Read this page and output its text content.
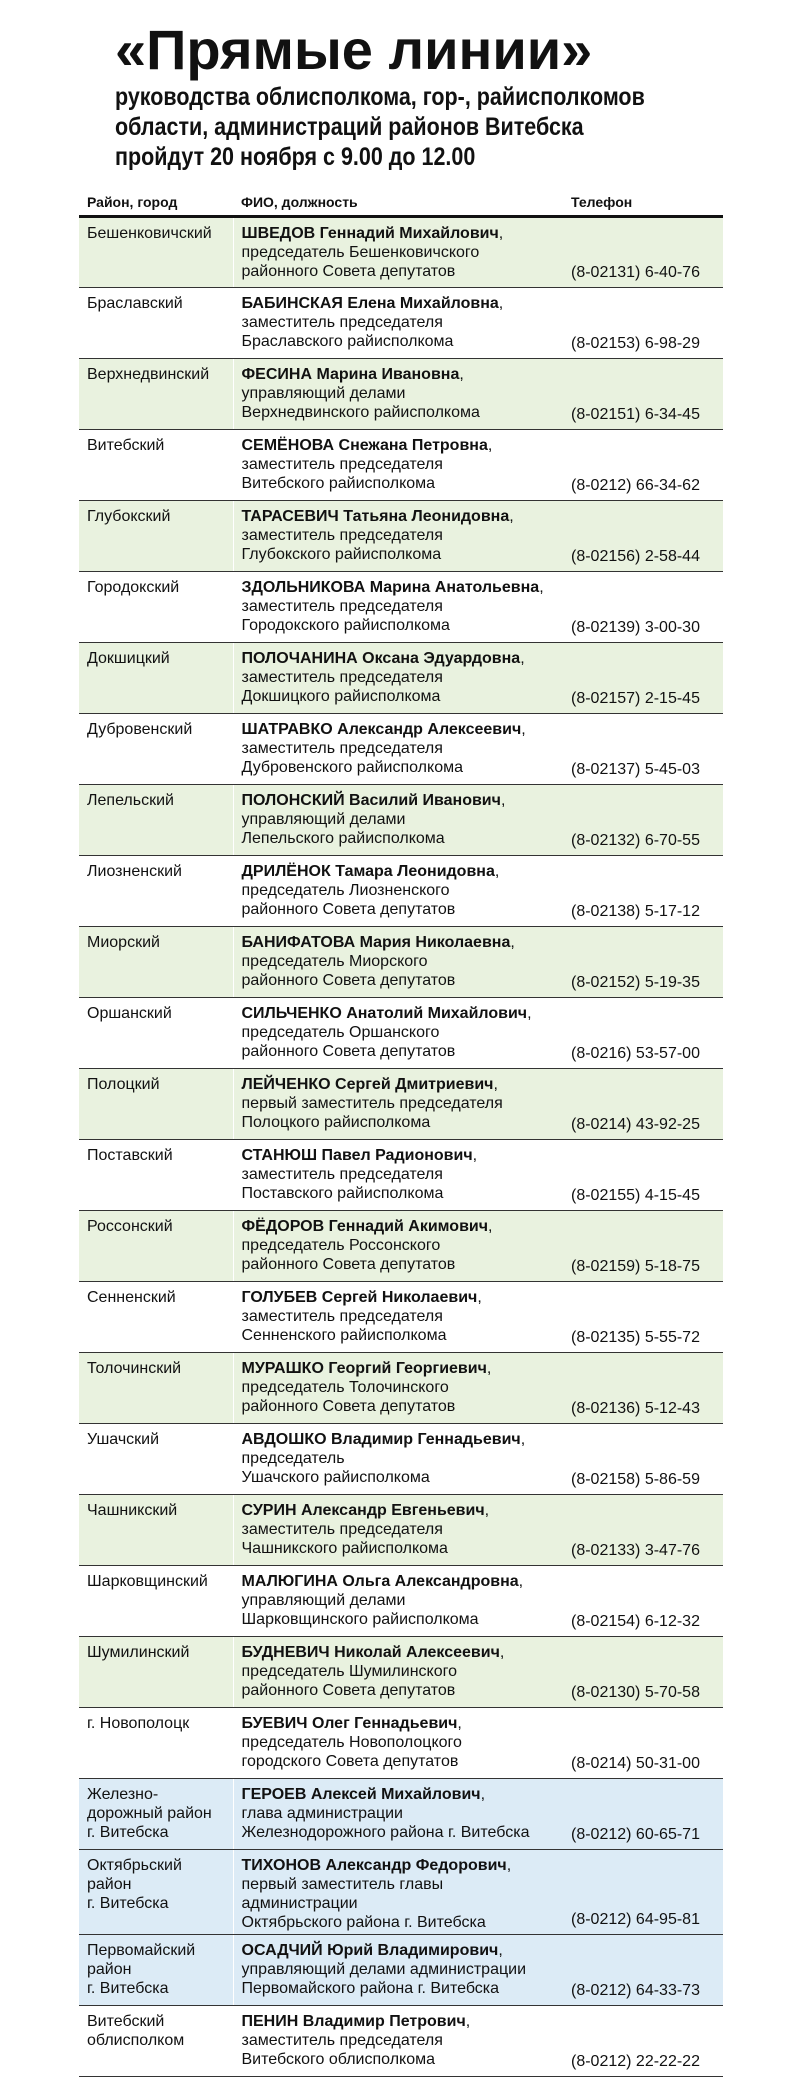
«Прямые линии»
руководства облисполкома, гор-, райисполкомов
области, администраций районов Витебска
пройдут 20 ноября с 9.00 до 12.00
Район, город	ФИО, должность	Телефон
Бешенковичский	ШВЕДОВ Геннадий Михайлович,
председатель Бешенковичского
районного Совета депутатов	(8-02131) 6-40-76
Браславский	БАБИНСКАЯ Елена Михайловна,
заместитель председателя
Браславского райисполкома	(8-02153) 6-98-29
Верхнедвинский	ФЕСИНА Марина Ивановна,
управляющий делами
Верхнедвинского райисполкома	(8-02151) 6-34-45
Витебский	СЕМЁНОВА Снежана Петровна,
заместитель председателя
Витебского райисполкома	(8-0212) 66-34-62
Глубокский	ТАРАСЕВИЧ Татьяна Леонидовна,
заместитель председателя
Глубокского райисполкома	(8-02156) 2-58-44
Городокский	ЗДОЛЬНИКОВА Марина Анатольевна,
заместитель председателя
Городокского райисполкома	(8-02139) 3-00-30
Докшицкий	ПОЛОЧАНИНА Оксана Эдуардовна,
заместитель председателя
Докшицкого райисполкома	(8-02157) 2-15-45
Дубровенский	ШАТРАВКО Александр Алексеевич,
заместитель председателя
Дубровенского райисполкома	(8-02137) 5-45-03
Лепельский	ПОЛОНСКИЙ Василий Иванович,
управляющий делами
Лепельского райисполкома	(8-02132) 6-70-55
Лиозненский	ДРИЛЁНОК Тамара Леонидовна,
председатель Лиозненского
районного Совета депутатов	(8-02138) 5-17-12
Миорский	БАНИФАТОВА Мария Николаевна,
председатель Миорского
районного Совета депутатов	(8-02152) 5-19-35
Оршанский	СИЛЬЧЕНКО Анатолий Михайлович,
председатель Оршанского
районного Совета депутатов	(8-0216) 53-57-00
Полоцкий	ЛЕЙЧЕНКО Сергей Дмитриевич,
первый заместитель председателя
Полоцкого райисполкома	(8-0214) 43-92-25
Поставский	СТАНЮШ Павел Радионович,
заместитель председателя
Поставского райисполкома	(8-02155) 4-15-45
Россонский	ФЁДОРОВ Геннадий Акимович,
председатель Россонского
районного Совета депутатов	(8-02159) 5-18-75
Сенненский	ГОЛУБЕВ Сергей Николаевич,
заместитель председателя
Сенненского райисполкома	(8-02135) 5-55-72
Толочинский	МУРАШКО Георгий Георгиевич,
председатель Толочинского
районного Совета депутатов	(8-02136) 5-12-43
Ушачский	АВДОШКО Владимир Геннадьевич,
председатель
Ушачского райисполкома	(8-02158) 5-86-59
Чашникский	СУРИН Александр Евгеньевич,
заместитель председателя
Чашникского райисполкома	(8-02133) 3-47-76
Шарковщинский	МАЛЮГИНА Ольга Александровна,
управляющий делами
Шарковщинского райисполкома	(8-02154) 6-12-32
Шумилинский	БУДНЕВИЧ Николай Алексеевич,
председатель Шумилинского
районного Совета депутатов	(8-02130) 5-70-58
г. Новополоцк	БУЕВИЧ Олег Геннадьевич,
председатель Новополоцкого
городского Совета депутатов	(8-0214) 50-31-00
Железно-
дорожный район
г. Витебска	ГЕРОЕВ Алексей Михайлович,
глава администрации
Железнодорожного района г. Витебска	(8-0212) 60-65-71
Октябрьский
район
г. Витебска	ТИХОНОВ Александр Федорович,
первый заместитель главы администрации
Октябрьского района г. Витебска	(8-0212) 64-95-81
Первомайский
район
г. Витебска	ОСАДЧИЙ Юрий Владимирович,
управляющий делами администрации
Первомайского района г. Витебска	(8-0212) 64-33-73
Витебский
облисполком	ПЕНИН Владимир Петрович,
заместитель председателя
Витебского облисполкома	(8-0212) 22-22-22
